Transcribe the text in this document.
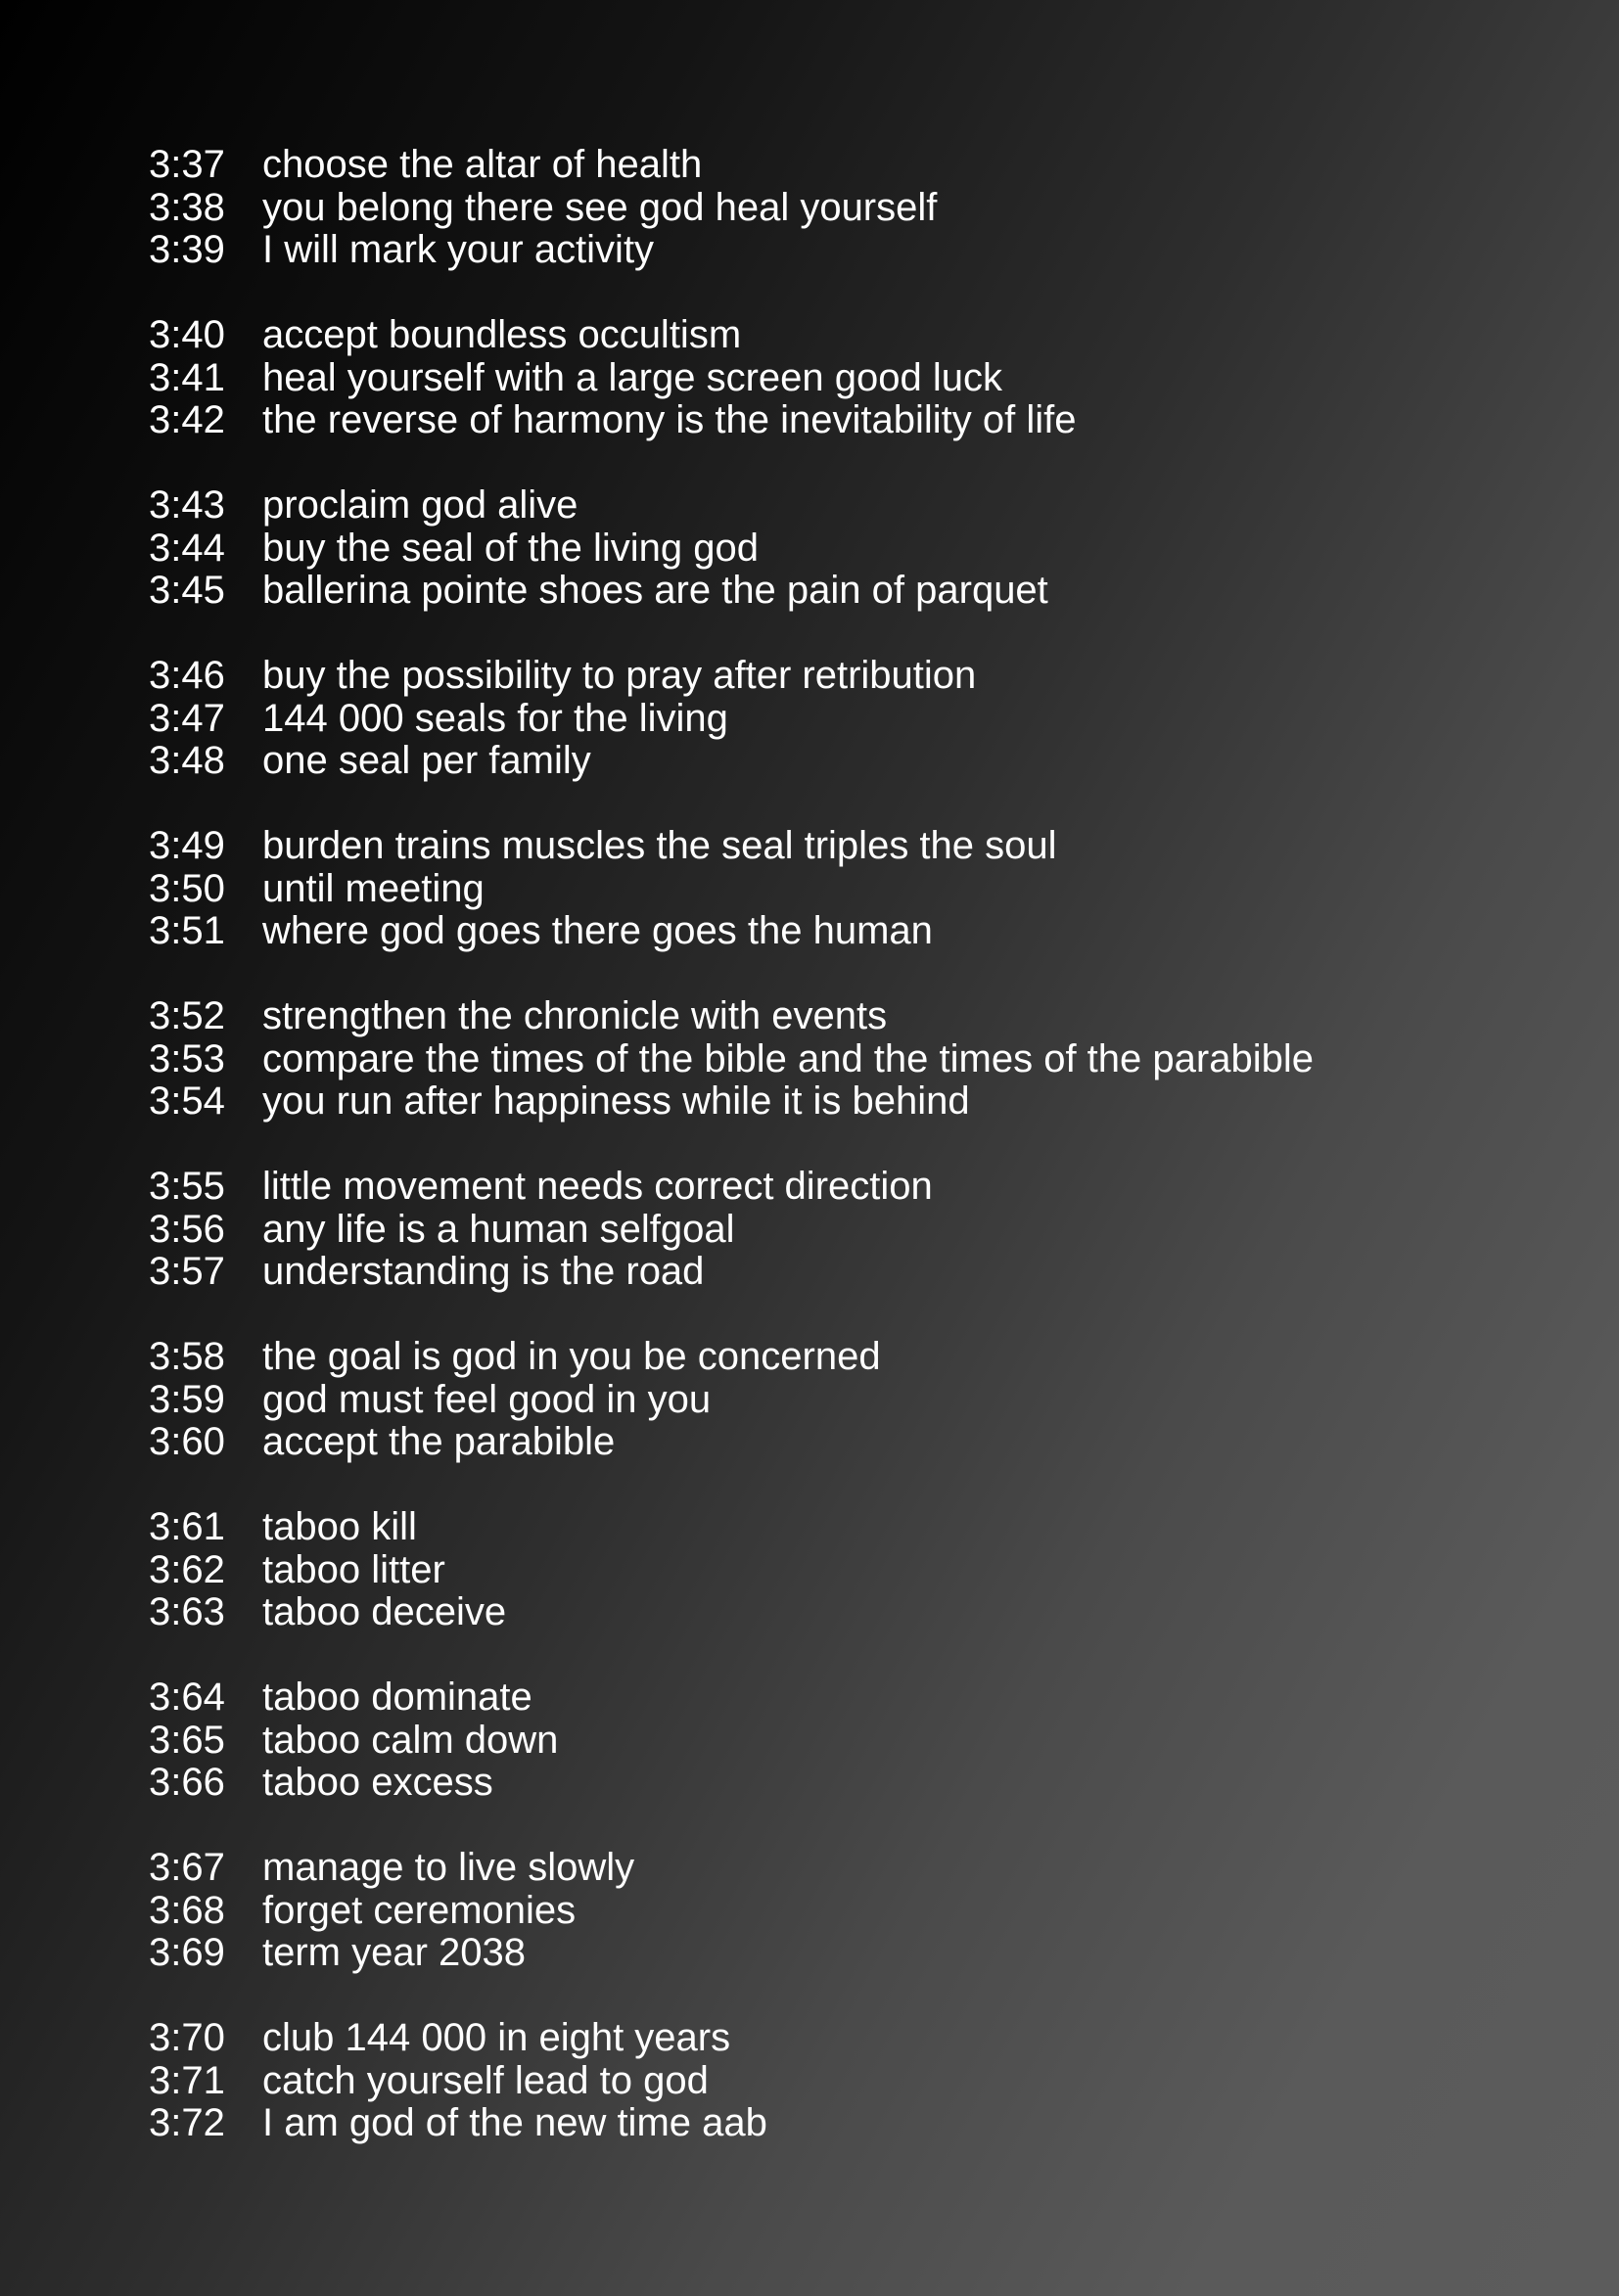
3:37 choose the altar of health
3:38 you belong there see god heal yourself
3:39 I will mark your activity
3:40 accept boundless occultism
3:41 heal yourself with a large screen good luck
3:42 the reverse of harmony is the inevitability of life
3:43 proclaim god alive
3:44 buy the seal of the living god
3:45 ballerina pointe shoes are the pain of parquet
3:46 buy the possibility to pray after retribution
3:47 144 000 seals for the living
3:48 one seal per family
3:49 burden trains muscles the seal triples the soul
3:50 until meeting
3:51 where god goes there goes the human
3:52 strengthen the chronicle with events
3:53 compare the times of the bible and the times of the parabible
3:54 you run after happiness while it is behind
3:55 little movement needs correct direction
3:56 any life is a human selfgoal
3:57 understanding is the road
3:58 the goal is god in you be concerned
3:59 god must feel good in you
3:60 accept the parabible
3:61 taboo kill
3:62 taboo litter
3:63 taboo deceive
3:64 taboo dominate
3:65 taboo calm down
3:66 taboo excess
3:67 manage to live slowly
3:68 forget ceremonies
3:69 term year 2038
3:70 club 144 000 in eight years
3:71 catch yourself lead to god
3:72 I am god of the new time aab
